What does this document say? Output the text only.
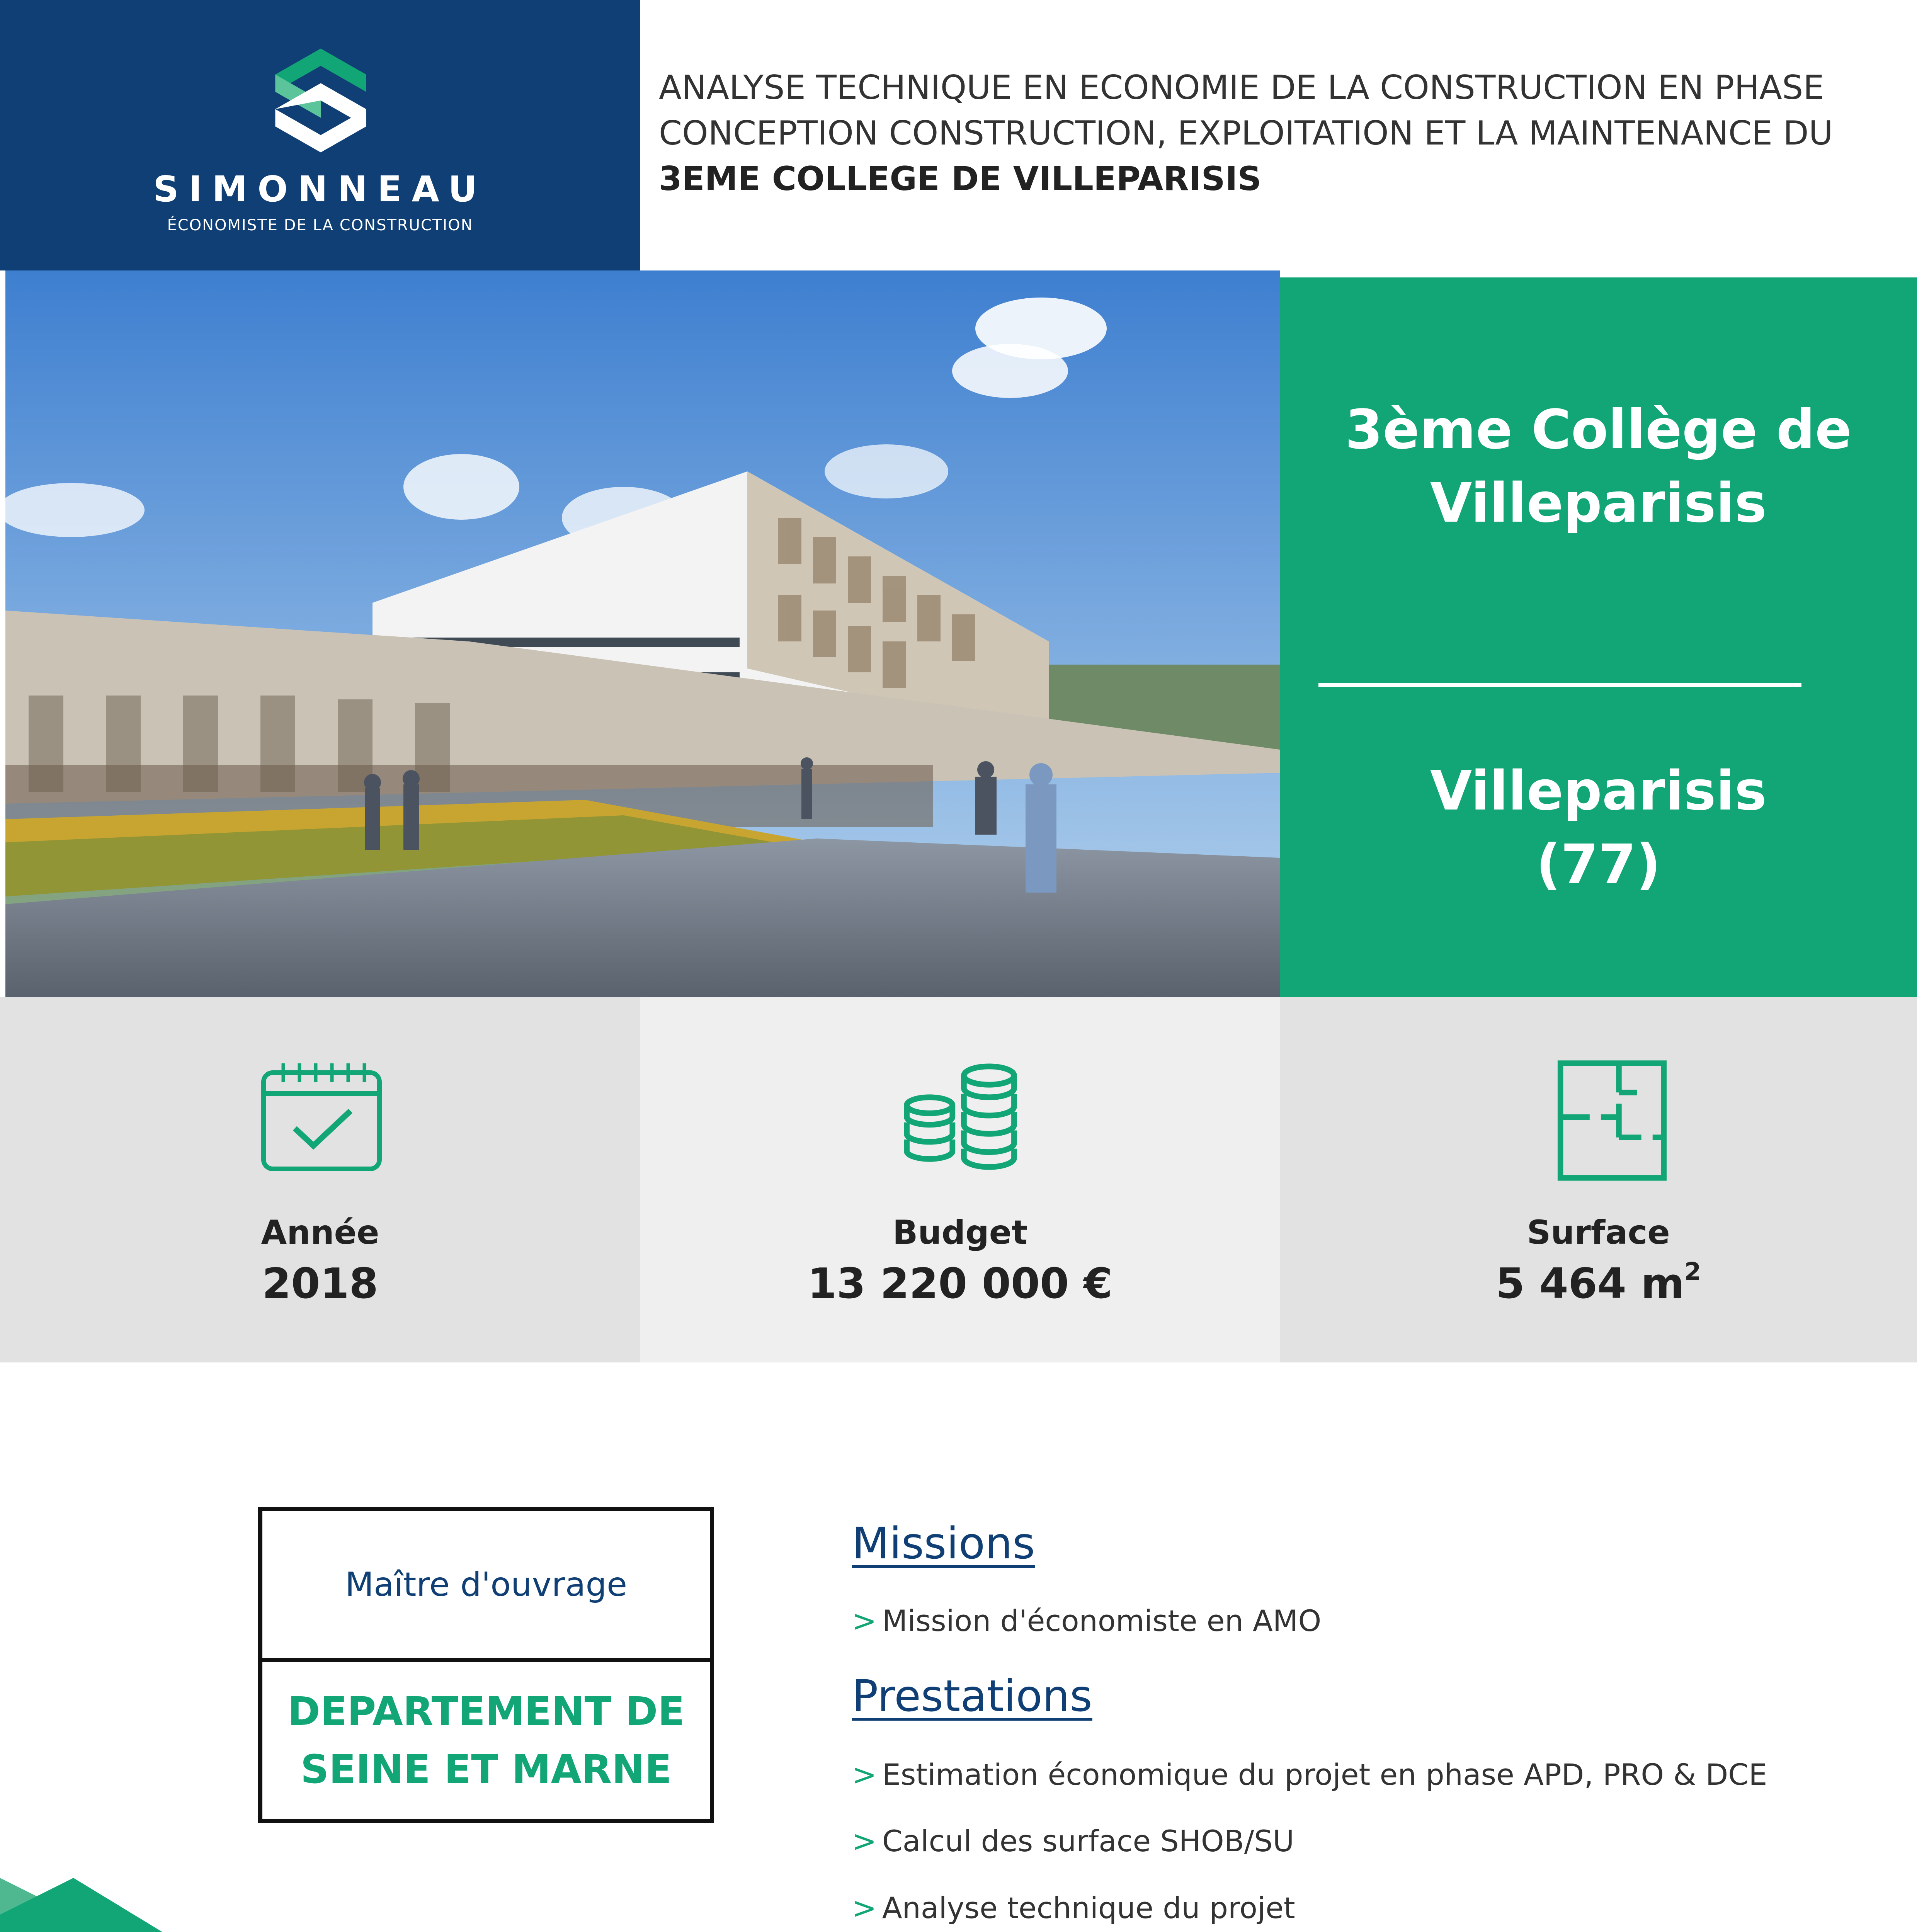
SIMONNEAU
ÉCONOMISTE DE LA CONSTRUCTION
ANALYSE TECHNIQUE EN ECONOMIE DE LA CONSTRUCTION EN PHASE
CONCEPTION CONSTRUCTION, EXPLOITATION ET LA MAINTENANCE DU
3EME COLLEGE DE VILLEPARISIS
3ème Collège de
Villeparisis
Villeparisis
(77)
Année
2018
Budget
13 220 000 €
Surface
5 464 $m^2$
Maître d'ouvrage
DEPARTEMENT DE
SEINE ET MARNE
Missions
> Mission d'économiste en AMO
Prestations
> Estimation économique du projet en phase APD, PRO & DCE
> Calcul des surface SHOB/SU
> Analyse technique du projet
